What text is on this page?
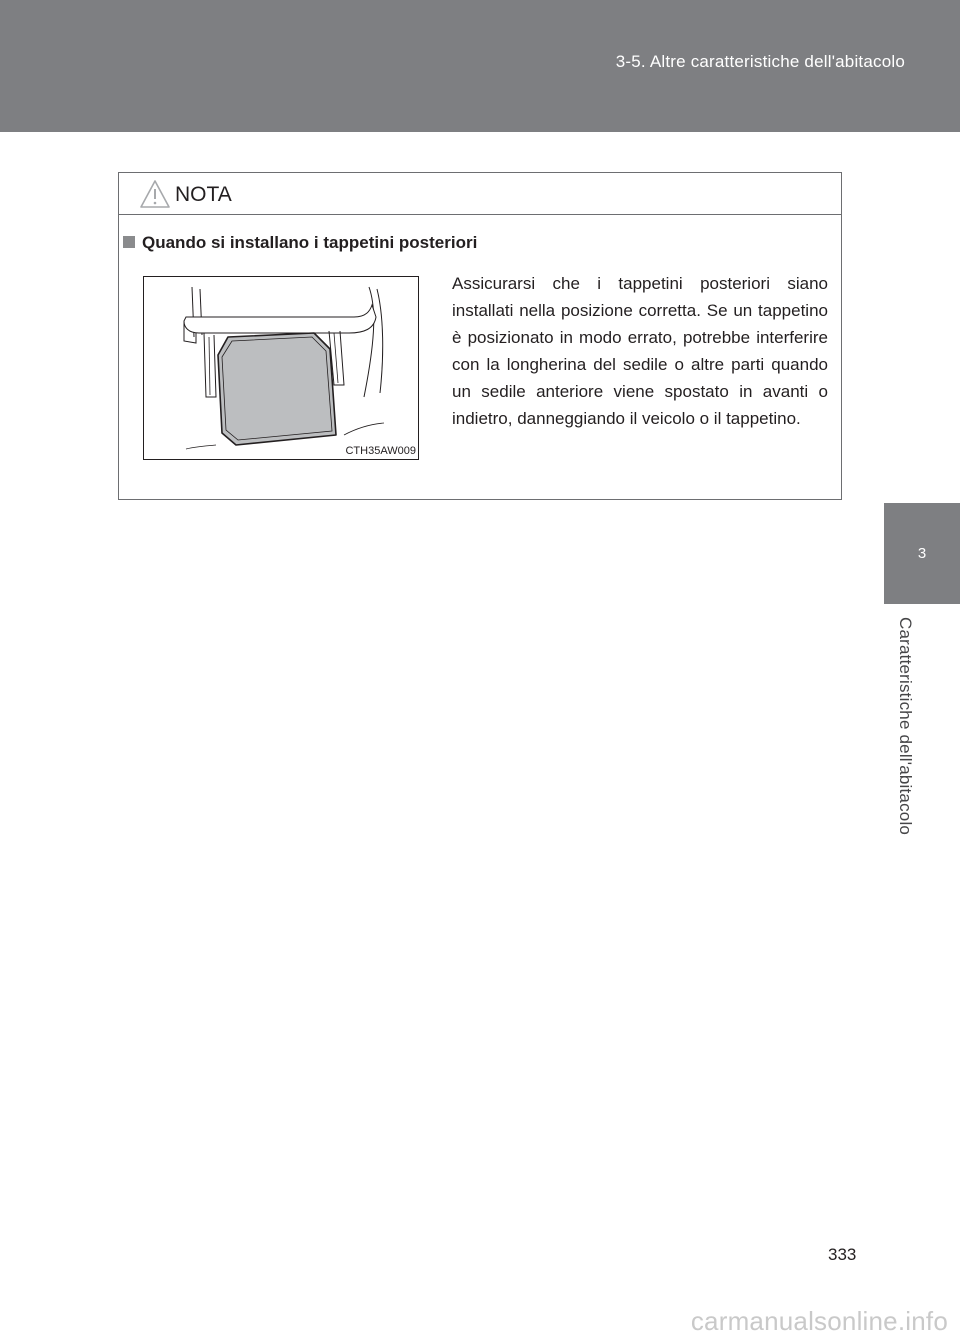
3-5. Altre caratteristiche dell'abitacolo
3
Caratteristiche dell'abitacolo
NOTA
Quando si installano i tappetini posteriori
CTH35AW009
Assicurarsi che i tappetini posteriori siano installati nella posizione corretta. Se un tappetino è posizionato in modo errato, potrebbe interferire con la longherina del sedile o altre parti quando un sedile anteriore viene spostato in avanti o indietro, danneggiando il veicolo o il tappetino.
333
carmanualsonline.info
